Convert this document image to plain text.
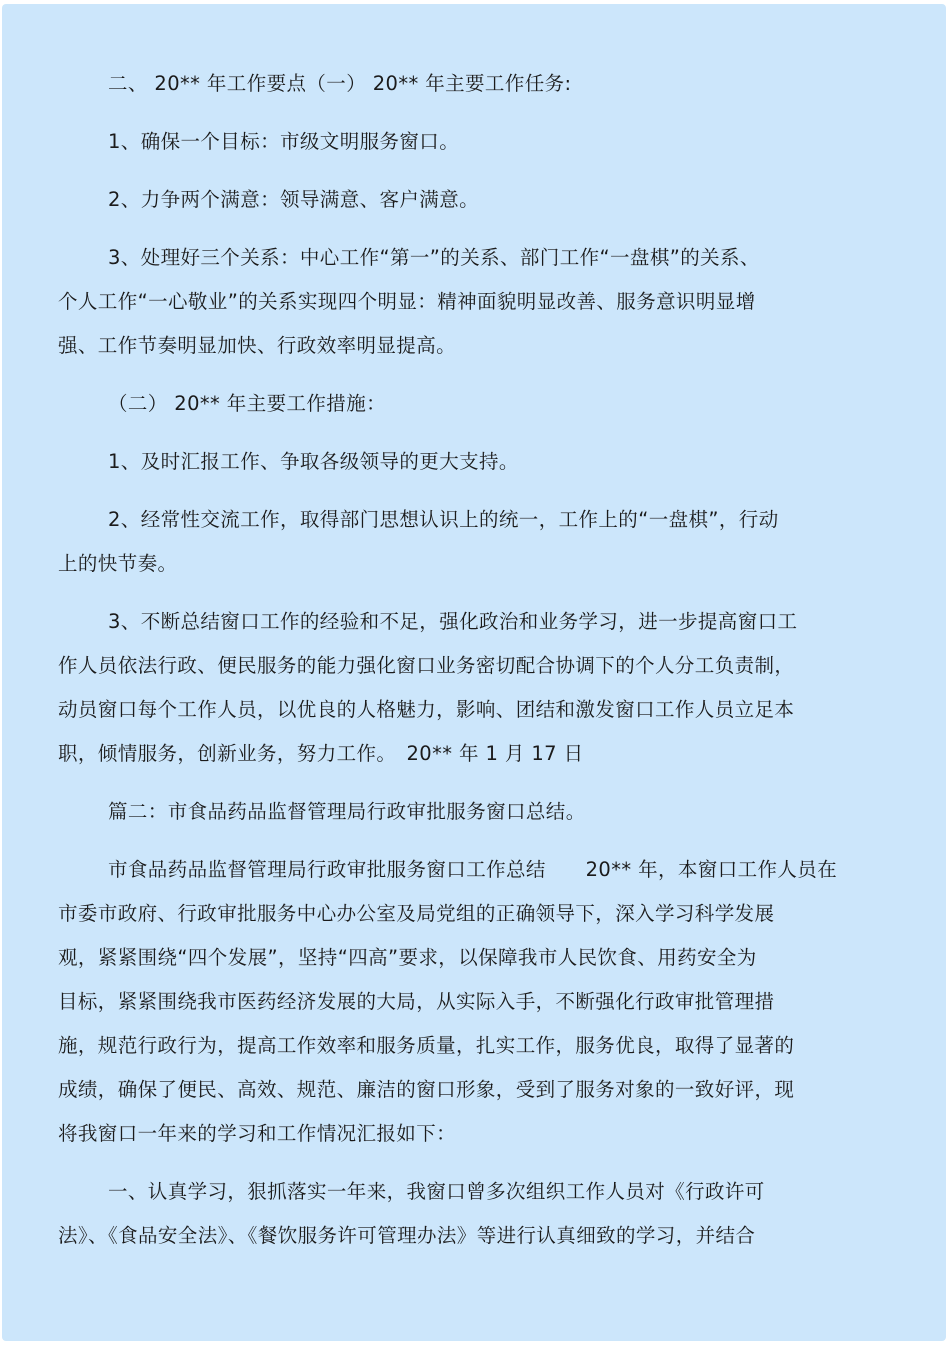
二、 20** 年工作要点（一） 20** 年主要工作任务:

1、确保一个目标：市级文明服务窗口。

2、力争两个满意：领导满意、客户满意。

3、处理好三个关系：中心工作“第一”的关系、部门工作“一盘棋”的关系、
个人工作“一心敬业”的关系实现四个明显：精神面貌明显改善、服务意识明显增
强、工作节奏明显加快、行政效率明显提高。

（二） 20** 年主要工作措施：

1、及时汇报工作、争取各级领导的更大支持。

2、经常性交流工作，取得部门思想认识上的统一，工作上的“一盘棋”，行动
上的快节奏。

3、不断总结窗口工作的经验和不足，强化政治和业务学习，进一步提高窗口工
作人员依法行政、便民服务的能力强化窗口业务密切配合协调下的个人分工负责制，
动员窗口每个工作人员，以优良的人格魅力，影响、团结和激发窗口工作人员立足本
职，倾情服务，创新业务，努力工作。　20** 年 1 月 17 日

篇二：市食品药品监督管理局行政审批服务窗口总结。

市食品药品监督管理局行政审批服务窗口工作总结　　20** 年，本窗口工作人员在
市委市政府、行政审批服务中心办公室及局党组的正确领导下，深入学习科学发展
观，紧紧围绕“四个发展”，坚持“四高”要求，以保障我市人民饮食、用药安全为
目标，紧紧围绕我市医药经济发展的大局，从实际入手，不断强化行政审批管理措
施，规范行政行为，提高工作效率和服务质量，扎实工作，服务优良，取得了显著的
成绩，确保了便民、高效、规范、廉洁的窗口形象，受到了服务对象的一致好评，现
将我窗口一年来的学习和工作情况汇报如下：

一、认真学习，狠抓落实一年来，我窗口曾多次组织工作人员对《行政许可
法》、《食品安全法》、《餐饮服务许可管理办法》等进行认真细致的学习，并结合
